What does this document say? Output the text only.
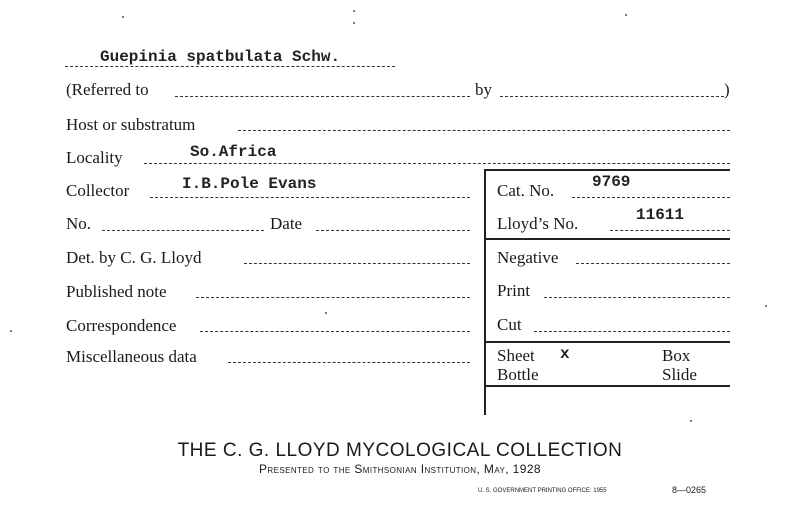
Guepinia spatbulata Schw.
(Referred to	by	)
Host or substratum
Locality	So.Africa
Collector	I.B.Pole Evans	Cat. No. 9769
No.	Date	Lloyd’s No.	11611
Det. by C. G. Lloyd	Negative
Published note	Print
Correspondence	Cut
Miscellaneous data	Sheet x	Box
Bottle	Slide
THE C. G. LLOYD MYCOLOGICAL COLLECTION
Presented to the Smithsonian Institution, May, 1928
U. S. GOVERNMENT PRINTING OFFICE: 1955	8—0265
